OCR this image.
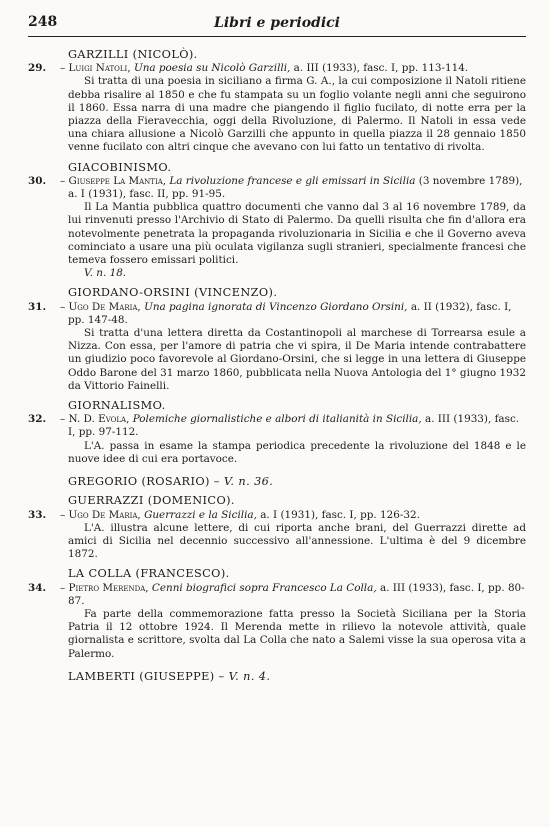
248	Libri e periodici
GARZILLI (NICOLÒ).
29.	– Luigi Natoli, Una poesia su Nicolò Garzilli, a. III (1933), fasc. I, pp. 113-114.
Si tratta di una poesia in siciliano a firma G. A., la cui composizione il Natoli ritiene debba risalire al 1850 e che fu stampata su un foglio volante negli anni che seguirono il 1860. Essa narra di una madre che piangendo il figlio fucilato, di notte erra per la piazza della Fieravecchia, oggi della Rivoluzione, di Palermo. Il Natoli in essa vede una chiara allusione a Nicolò Garzilli che appunto in quella piazza il 28 gennaio 1850 venne fucilato con altri cinque che avevano con lui fatto un tentativo di rivolta.
GIACOBINISMO.
30.	– Giuseppe La Mantia, La rivoluzione francese e gli emissari in Sicilia (3 novembre 1789), a. I (1931), fasc. II, pp. 91-95.
Il La Mantia pubblica quattro documenti che vanno dal 3 al 16 novembre 1789, da lui rinvenuti presso l'Archivio di Stato di Palermo. Da quelli risulta che fin d'allora era notevolmente penetrata la propaganda rivoluzionaria in Sicilia e che il Governo aveva cominciato a usare una più oculata vigilanza sugli stranieri, specialmente francesi che temeva fossero emissari politici.
V. n. 18.
GIORDANO-ORSINI (VINCENZO).
31.	– Ugo De Maria, Una pagina ignorata di Vincenzo Giordano Orsini, a. II (1932), fasc. I, pp. 147-48.
Si tratta d'una lettera diretta da Costantinopoli al marchese di Torrearsa esule a Nizza. Con essa, per l'amore di patria che vi spira, il De Maria intende contrabattere un giudizio poco favorevole al Giordano-Orsini, che si legge in una lettera di Giuseppe Oddo Barone del 31 marzo 1860, pubblicata nella Nuova Antologia del 1° giugno 1932 da Vittorio Fainelli.
GIORNALISMO.
32.	– N. D. Evola, Polemiche giornalistiche e albori di italianità in Sicilia, a. III (1933), fasc. I, pp. 97-112.
L'A. passa in esame la stampa periodica precedente la rivoluzione del 1848 e le nuove idee di cui era portavoce.
GREGORIO (ROSARIO) – V. n. 36.
GUERRAZZI (DOMENICO).
33.	– Ugo De Maria, Guerrazzi e la Sicilia, a. I (1931), fasc. I, pp. 126-32.
L'A. illustra alcune lettere, di cui riporta anche brani, del Guerrazzi dirette ad amici di Sicilia nel decennio successivo all'annessione. L'ultima è del 9 dicembre 1872.
LA COLLA (FRANCESCO).
34.	– Pietro Merenda, Cenni biografici sopra Francesco La Colla, a. III (1933), fasc. I, pp. 80-87.
Fa parte della commemorazione fatta presso la Società Siciliana per la Storia Patria il 12 ottobre 1924. Il Merenda mette in rilievo la notevole attività, quale giornalista e scrittore, svolta dal La Colla che nato a Salemi visse la sua operosa vita a Palermo.
LAMBERTI (GIUSEPPE) – V. n. 4.
